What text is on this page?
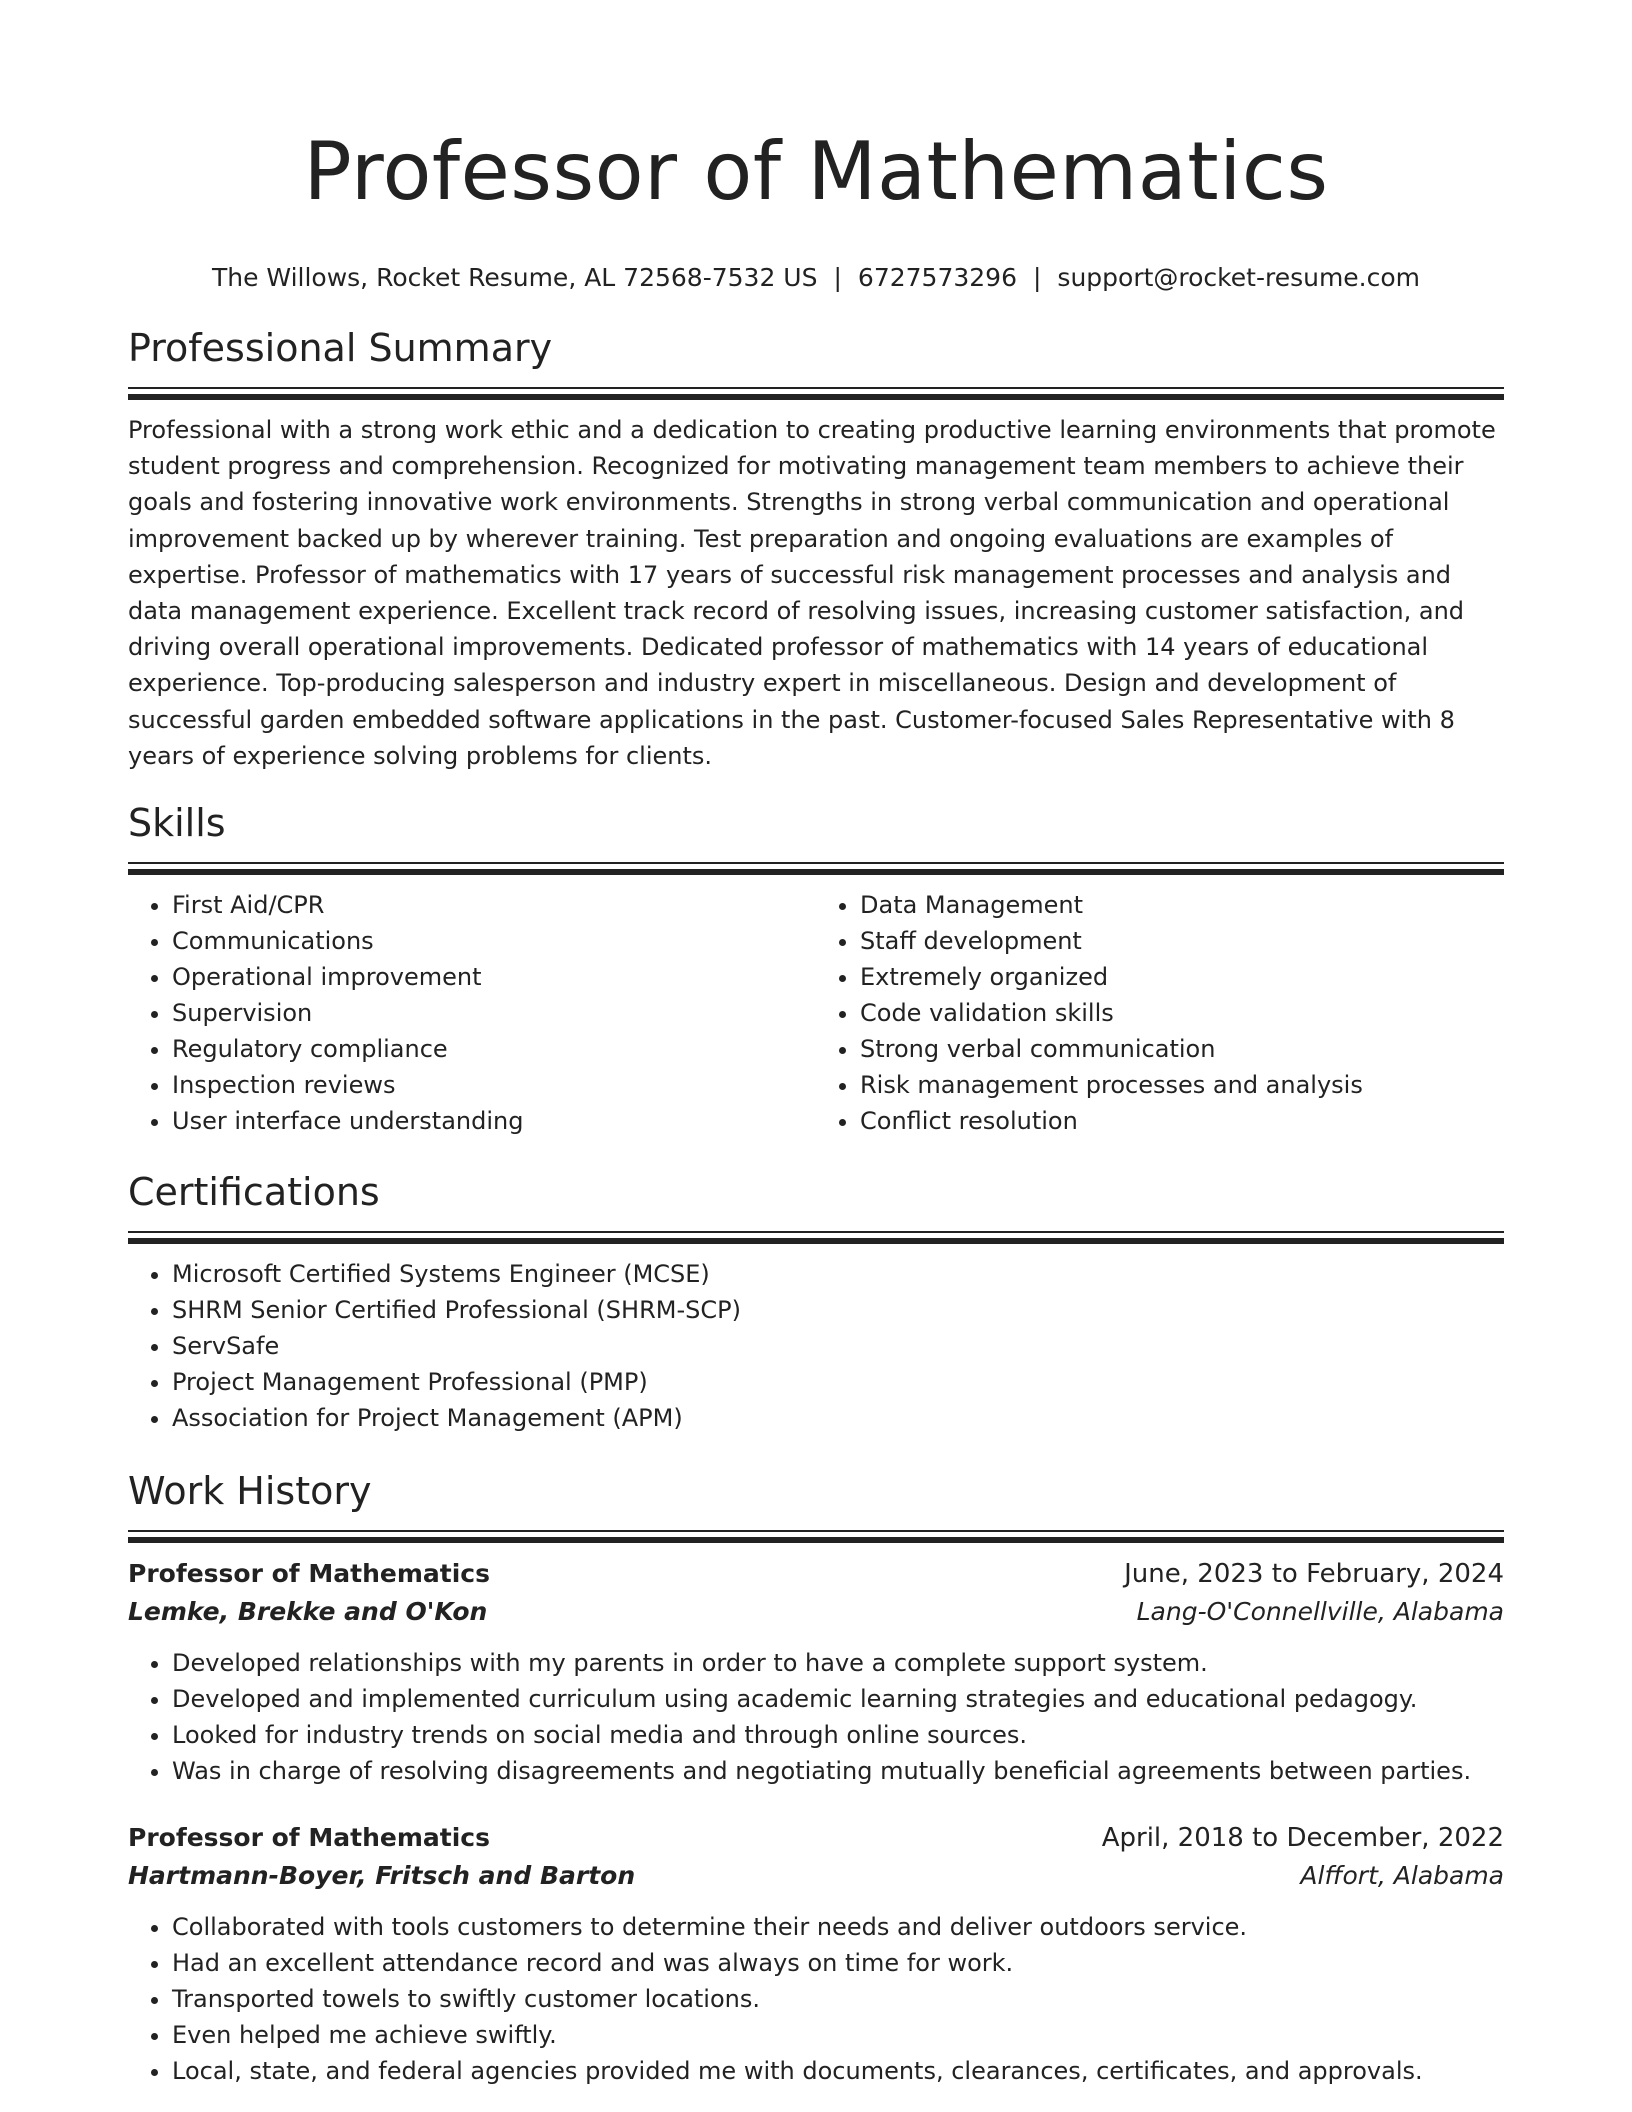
Professor of Mathematics
The Willows, Rocket Resume, AL 72568-7532 US | 6727573296 | support@rocket-resume.com
Professional Summary

Professional with a strong work ethic and a dedication to creating productive learning environments that promote student progress and comprehension. Recognized for motivating management team members to achieve their goals and fostering innovative work environments. Strengths in strong verbal communication and operational improvement backed up by wherever training. Test preparation and ongoing evaluations are examples of expertise. Professor of mathematics with 17 years of successful risk management processes and analysis and data management experience. Excellent track record of resolving issues, increasing customer satisfaction, and driving overall operational improvements. Dedicated professor of mathematics with 14 years of educational experience. Top-producing salesperson and industry expert in miscellaneous. Design and development of successful garden embedded software applications in the past. Customer-focused Sales Representative with 8 years of experience solving problems for clients.

Skills
• First Aid/CPR
• Communications
• Operational improvement
• Supervision
• Regulatory compliance
• Inspection reviews
• User interface understanding
• Data Management
• Staff development
• Extremely organized
• Code validation skills
• Strong verbal communication
• Risk management processes and analysis
• Conflict resolution
Certifications
• Microsoft Certified Systems Engineer (MCSE)
• SHRM Senior Certified Professional (SHRM-SCP)
• ServSafe
• Project Management Professional (PMP)
• Association for Project Management (APM)
Work History
Professor of Mathematics	June, 2023 to February, 2024
Lemke, Brekke and O'Kon	Lang-O'Connellville, Alabama
• Developed relationships with my parents in order to have a complete support system.
• Developed and implemented curriculum using academic learning strategies and educational pedagogy.
• Looked for industry trends on social media and through online sources.
• Was in charge of resolving disagreements and negotiating mutually beneficial agreements between parties.
Professor of Mathematics	April, 2018 to December, 2022
Hartmann-Boyer, Fritsch and Barton	Alffort, Alabama
• Collaborated with tools customers to determine their needs and deliver outdoors service.
• Had an excellent attendance record and was always on time for work.
• Transported towels to swiftly customer locations.
• Even helped me achieve swiftly.
• Local, state, and federal agencies provided me with documents, clearances, certificates, and approvals.
